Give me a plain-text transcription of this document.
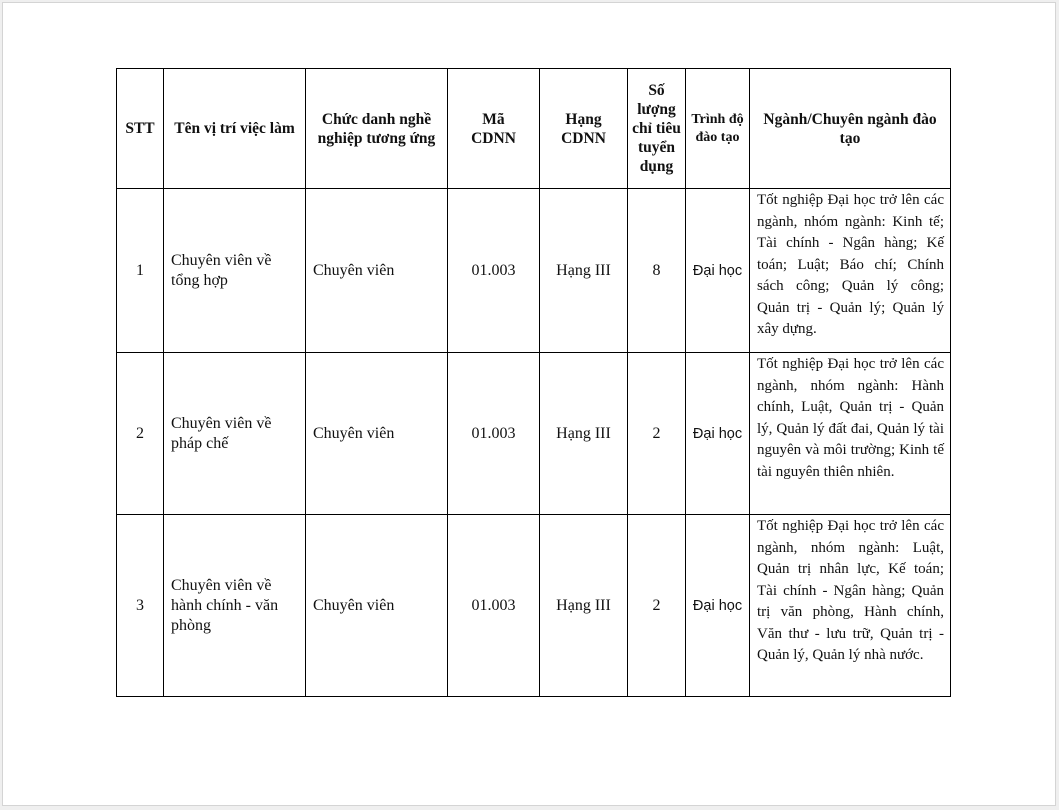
STT	Tên vị trí việc làm	Chức danh nghề nghiệp tương ứng	Mã CDNN	Hạng CDNN	Số lượng chỉ tiêu tuyển dụng	Trình độ đào tạo	Ngành/Chuyên ngành đào tạo

1	Chuyên viên về tổng hợp	Chuyên viên	01.003	Hạng III	8	Đại học	Tốt nghiệp Đại học trở lên các ngành, nhóm ngành: Kinh tế; Tài chính - Ngân hàng; Kế toán; Luật; Báo chí; Chính sách công; Quản lý công; Quản trị - Quản lý; Quản lý xây dựng.
2	Chuyên viên về pháp chế	Chuyên viên	01.003	Hạng III	2	Đại học	Tốt nghiệp Đại học trở lên các ngành, nhóm ngành: Hành chính, Luật, Quản trị - Quản lý, Quản lý đất đai, Quản lý tài nguyên và môi trường; Kinh tế tài nguyên thiên nhiên.
3	Chuyên viên về hành chính - văn phòng	Chuyên viên	01.003	Hạng III	2	Đại học	Tốt nghiệp Đại học trở lên các ngành, nhóm ngành: Luật, Quản trị nhân lực, Kế toán; Tài chính - Ngân hàng; Quản trị văn phòng, Hành chính, Văn thư - lưu trữ, Quản trị - Quản lý, Quản lý nhà nước.
